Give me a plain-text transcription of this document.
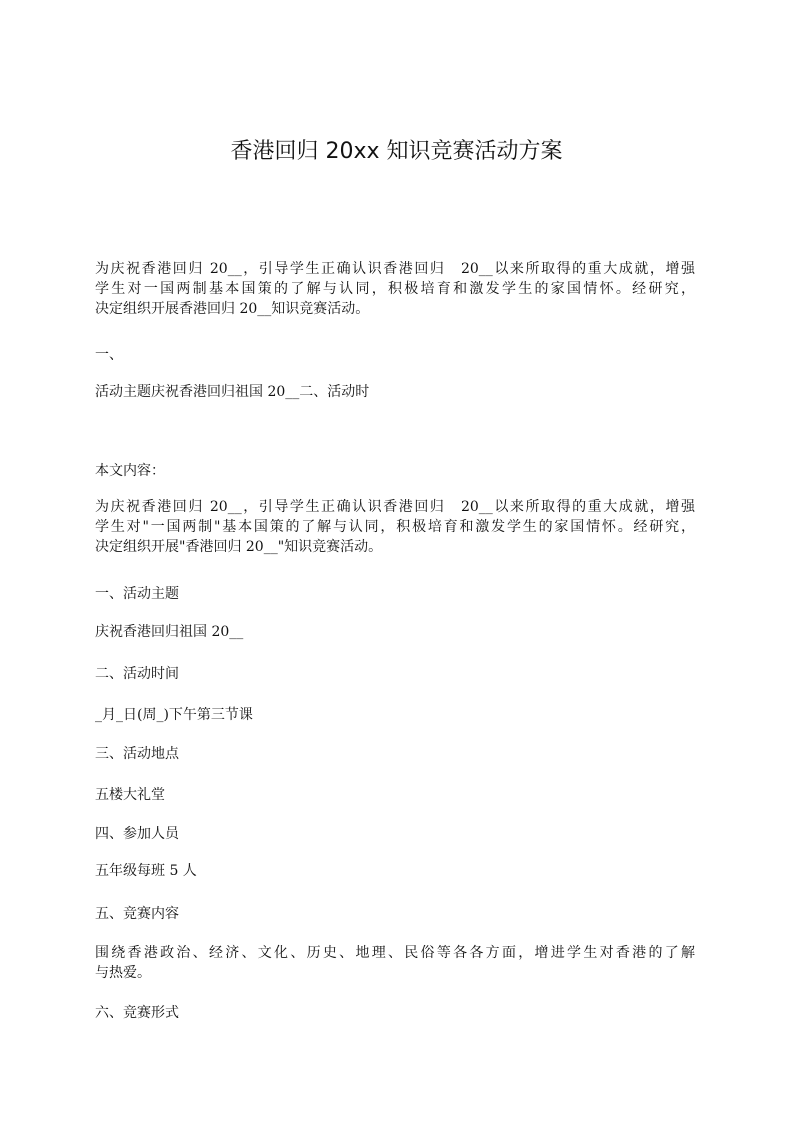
香港回归 20xx 知识竞赛活动方案
为庆祝香港回归 20__，引导学生正确认识香港回归　20__以来所取得的重大成就，增强
学生对一国两制基本国策的了解与认同，积极培育和激发学生的家国情怀。经研究，
决定组织开展香港回归 20__知识竞赛活动。
一、
活动主题庆祝香港回归祖国 20__二、活动时
本文内容：
为庆祝香港回归 20__，引导学生正确认识香港回归　20__以来所取得的重大成就，增强
学生对"一国两制"基本国策的了解与认同，积极培育和激发学生的家国情怀。经研究，
决定组织开展"香港回归 20__"知识竞赛活动。
一、活动主题
庆祝香港回归祖国 20__
二、活动时间
_月_日(周_)下午第三节课
三、活动地点
五楼大礼堂
四、参加人员
五年级每班 5 人
五、竞赛内容
围绕香港政治、经济、文化、历史、地理、民俗等各各方面，增进学生对香港的了解
与热爱。
六、竞赛形式
